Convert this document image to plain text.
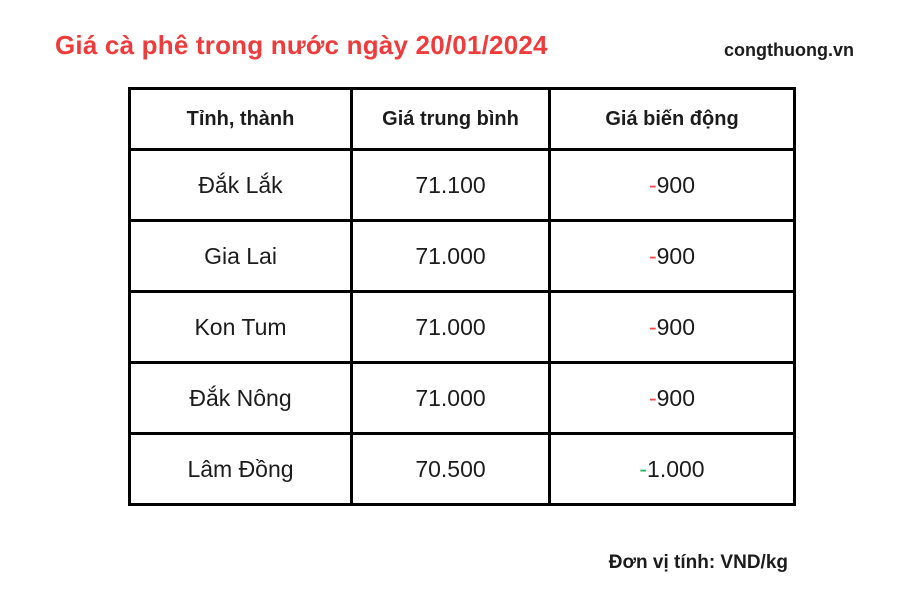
Giá cà phê trong nước ngày 20/01/2024	congthuong.vn
Tỉnh, thành	Giá trung bình	Giá biến động
Đắk Lắk	71.100	-900
Gia Lai	71.000	-900
Kon Tum	71.000	-900
Đắk Nông	71.000	-900
Lâm Đồng	70.500	-1.000
Đơn vị tính: VND/kg
